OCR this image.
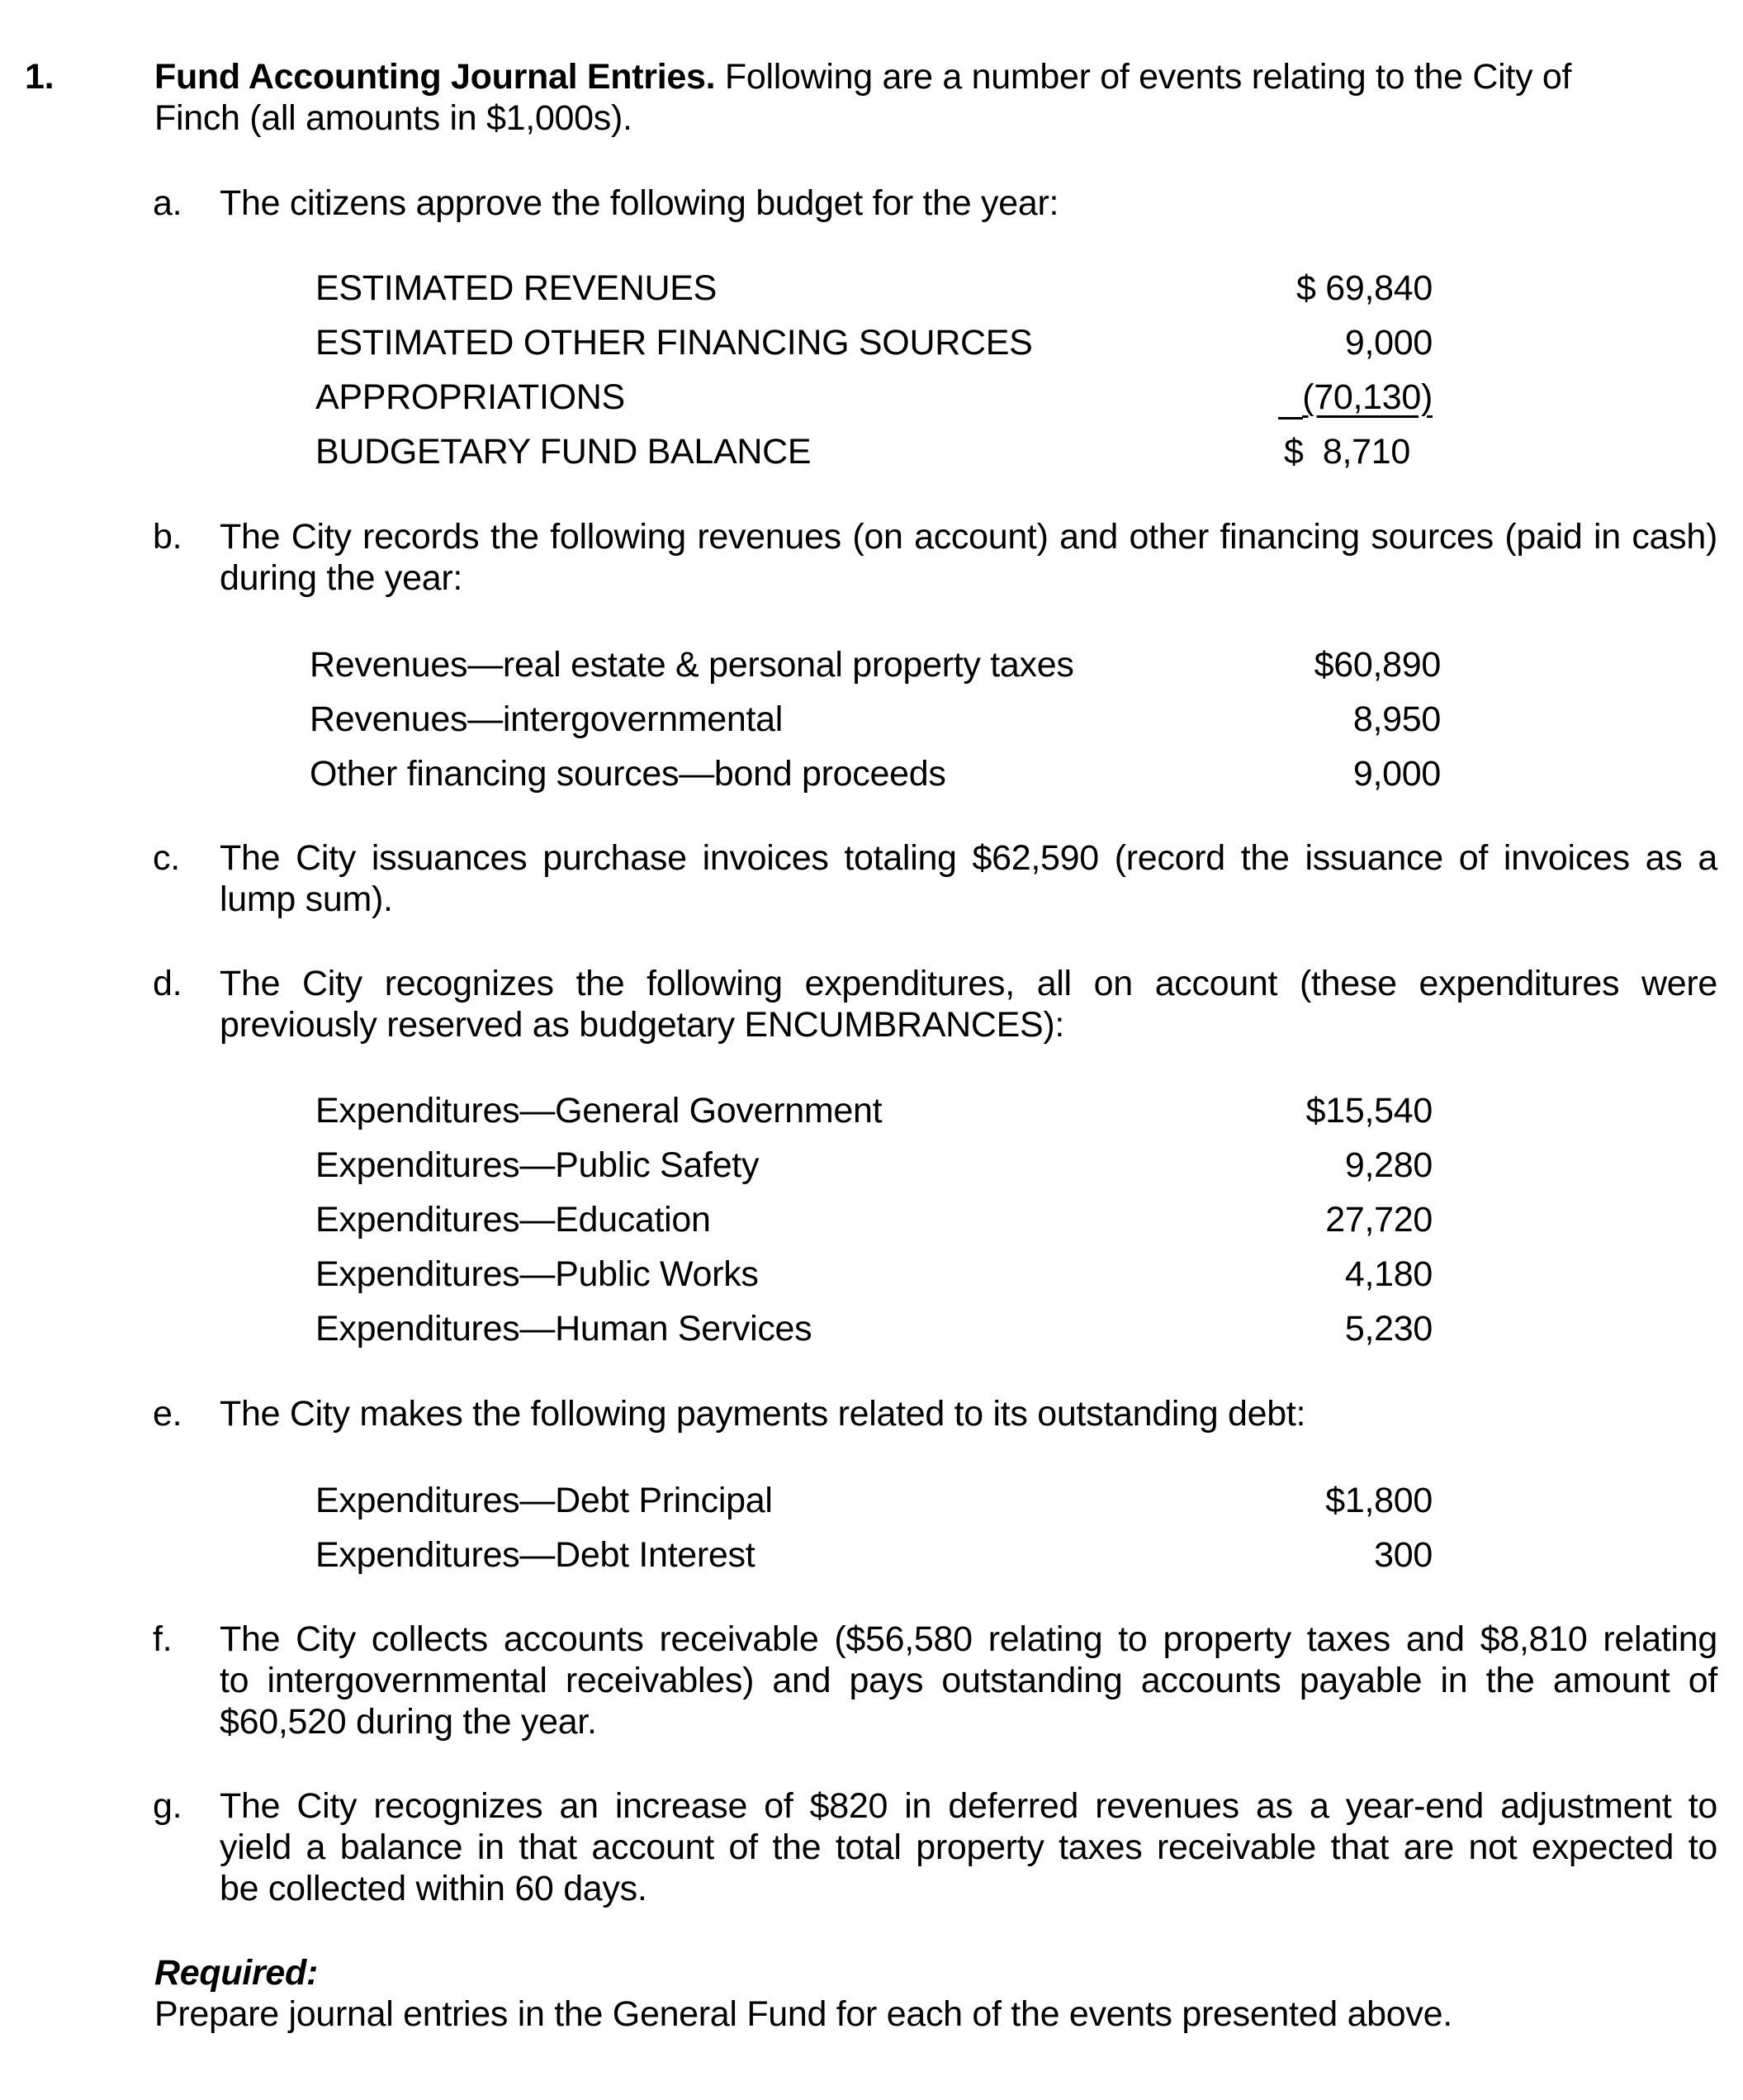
1.	Fund Accounting Journal Entries. Following are a number of events relating to the City of
Finch (all amounts in $1,000s).
a. The citizens approve the following budget for the year:
ESTIMATED REVENUES	$ 69,840
ESTIMATED OTHER FINANCING SOURCES	9,000
APPROPRIATIONS	(70,130)
BUDGETARY FUND BALANCE	$  8,710
b. The City records the following revenues (on account) and other financing sources (paid in cash)
during the year:
Revenues—real estate & personal property taxes	$60,890
Revenues—intergovernmental	8,950
Other financing sources—bond proceeds	9,000
c. The City issuances purchase invoices totaling $62,590 (record the issuance of invoices as a
lump sum).
d. The City recognizes the following expenditures, all on account (these expenditures were
previously reserved as budgetary ENCUMBRANCES):
Expenditures—General Government	$15,540
Expenditures—Public Safety	9,280
Expenditures—Education	27,720
Expenditures—Public Works	4,180
Expenditures—Human Services	5,230
e. The City makes the following payments related to its outstanding debt:
Expenditures—Debt Principal	$1,800
Expenditures—Debt Interest	300
f. The City collects accounts receivable ($56,580 relating to property taxes and $8,810 relating
to intergovernmental receivables) and pays outstanding accounts payable in the amount of
$60,520 during the year.
g. The City recognizes an increase of $820 in deferred revenues as a year-end adjustment to
yield a balance in that account of the total property taxes receivable that are not expected to
be collected within 60 days.
Required:
Prepare journal entries in the General Fund for each of the events presented above.
